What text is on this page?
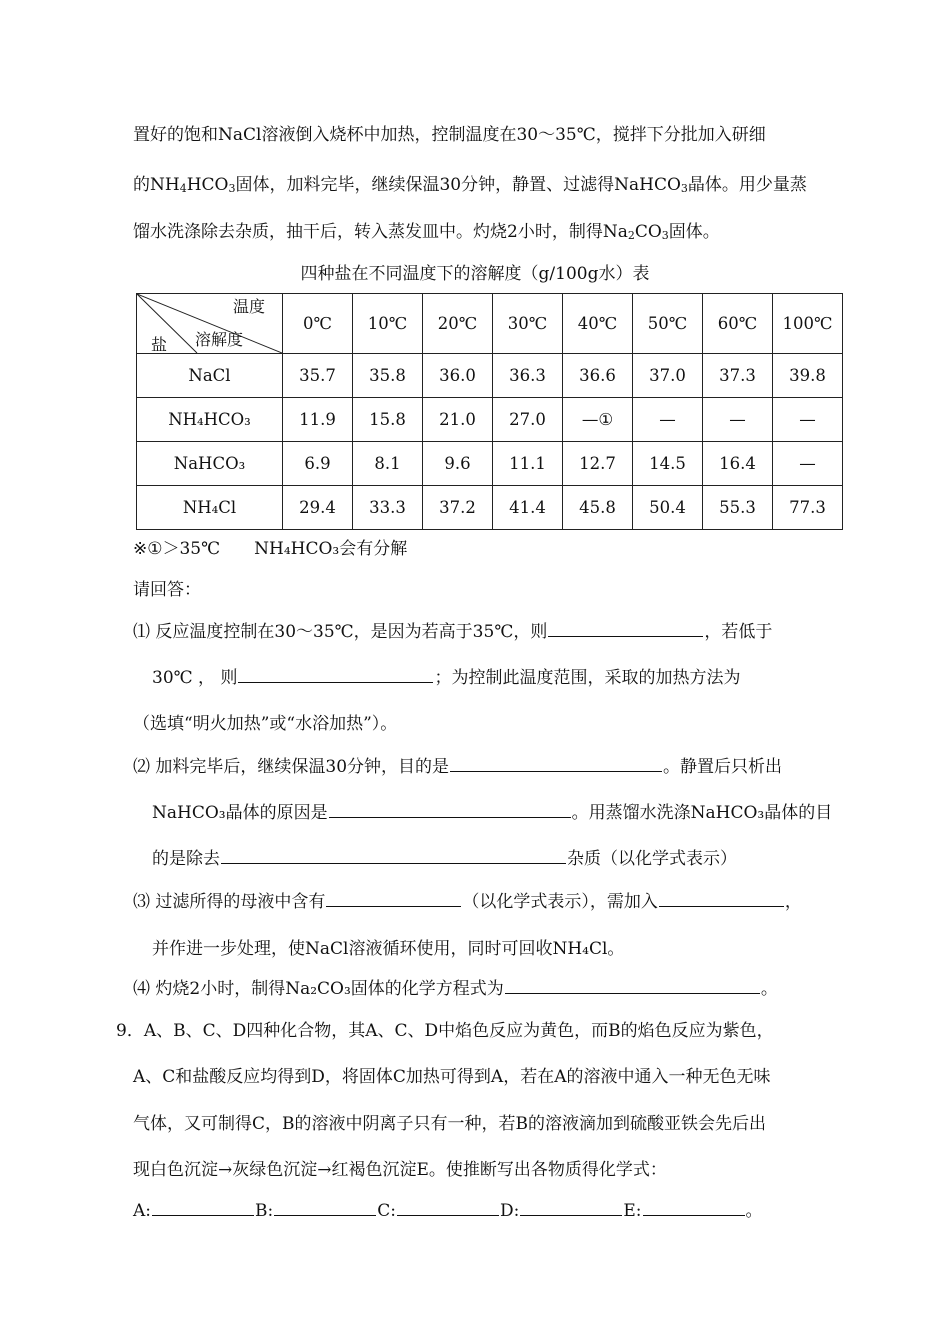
置好的饱和NaCl溶液倒入烧杯中加热，控制温度在30～35℃，搅拌下分批加入研细
的$NH_4HCO_3$固体，加料完毕，继续保温30分钟，静置、过滤得NaHCO$_3$晶体。用少量蒸
馏水洗涤除去杂质，抽干后，转入蒸发皿中。灼烧2小时，制得$Na_2CO_3$固体。
四种盐在不同温度下的溶解度（g/100g水）表
温度
溶解度
盐	0℃	10℃	20℃	30℃	40℃	50℃	60℃	100℃
NaCl	35.7	35.8	36.0	36.3	36.6	37.0	37.3	39.8
NH₄HCO₃	11.9	15.8	21.0	27.0	—①	—	—	—
NaHCO₃	6.9	8.1	9.6	11.1	12.7	14.5	16.4	—
NH₄Cl	29.4	33.3	37.2	41.4	45.8	50.4	55.3	77.3
※①＞35℃　　NH₄HCO₃会有分解
请回答：
⑴ 反应温度控制在30～35℃，是因为若高于35℃，则	，若低于
30℃ ， 则	；为控制此温度范围，采取的加热方法为
（选填“明火加热”或“水浴加热”）。
⑵ 加料完毕后，继续保温30分钟，目的是	。静置后只析出
NaHCO₃晶体的原因是	。用蒸馏水洗涤NaHCO₃晶体的目
的是除去	杂质（以化学式表示）
⑶ 过滤所得的母液中含有	（以化学式表示），需加入	，
并作进一步处理，使NaCl溶液循环使用，同时可回收NH₄Cl。
⑷ 灼烧2小时，制得Na₂CO₃固体的化学方程式为	。
9．A、B、C、D四种化合物，其A、C、D中焰色反应为黄色，而B的焰色反应为紫色，
A、C和盐酸反应均得到D，将固体C加热可得到A，若在A的溶液中通入一种无色无味
气体，又可制得C，B的溶液中阴离子只有一种，若B的溶液滴加到硫酸亚铁会先后出
现白色沉淀→灰绿色沉淀→红褐色沉淀E。使推断写出各物质得化学式：
A:	B:	C:	D:	E:	。
